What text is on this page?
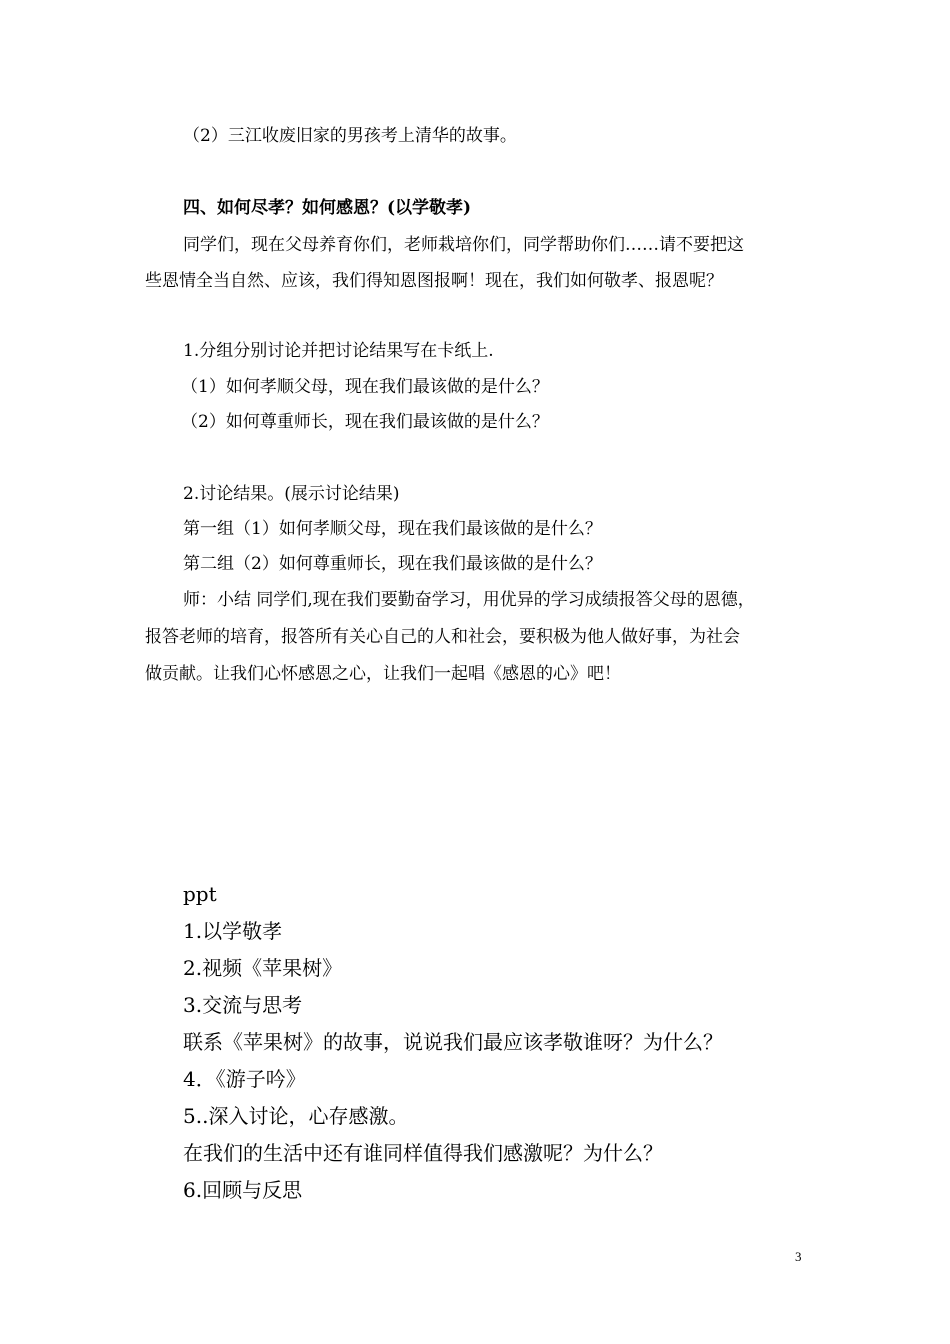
（2）三江收废旧家的男孩考上清华的故事。
四、如何尽孝？如何感恩？(以学敬孝)
同学们，现在父母养育你们，老师栽培你们，同学帮助你们……请不要把这
些恩情全当自然、应该，我们得知恩图报啊！现在，我们如何敬孝、报恩呢？
1.分组分别讨论并把讨论结果写在卡纸上.
（1）如何孝顺父母，现在我们最该做的是什么？
（2）如何尊重师长，现在我们最该做的是什么？
2.讨论结果。(展示讨论结果)
第一组（1）如何孝顺父母，现在我们最该做的是什么？
第二组（2）如何尊重师长，现在我们最该做的是什么？
师：小结 同学们,现在我们要勤奋学习，用优异的学习成绩报答父母的恩德，
报答老师的培育，报答所有关心自己的人和社会，要积极为他人做好事，为社会
做贡献。让我们心怀感恩之心，让我们一起唱《感恩的心》吧！
ppt
1.以学敬孝
2.视频《苹果树》
3.交流与思考
联系《苹果树》的故事，说说我们最应该孝敬谁呀？为什么？
4．《游子吟》
5..深入讨论，心存感激。
在我们的生活中还有谁同样值得我们感激呢？为什么？
6.回顾与反思
3
